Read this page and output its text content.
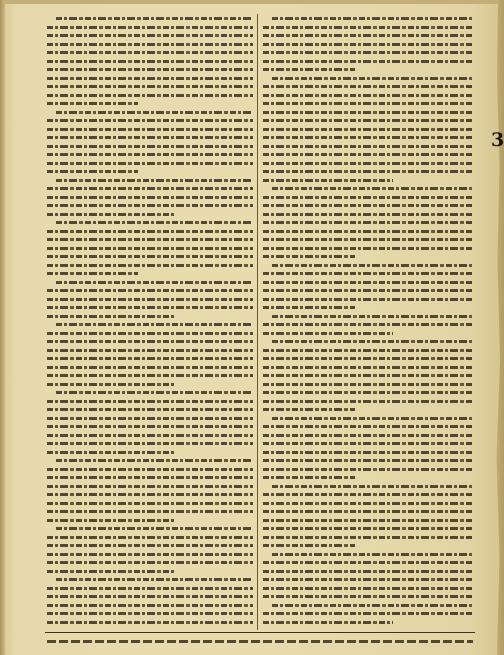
3
